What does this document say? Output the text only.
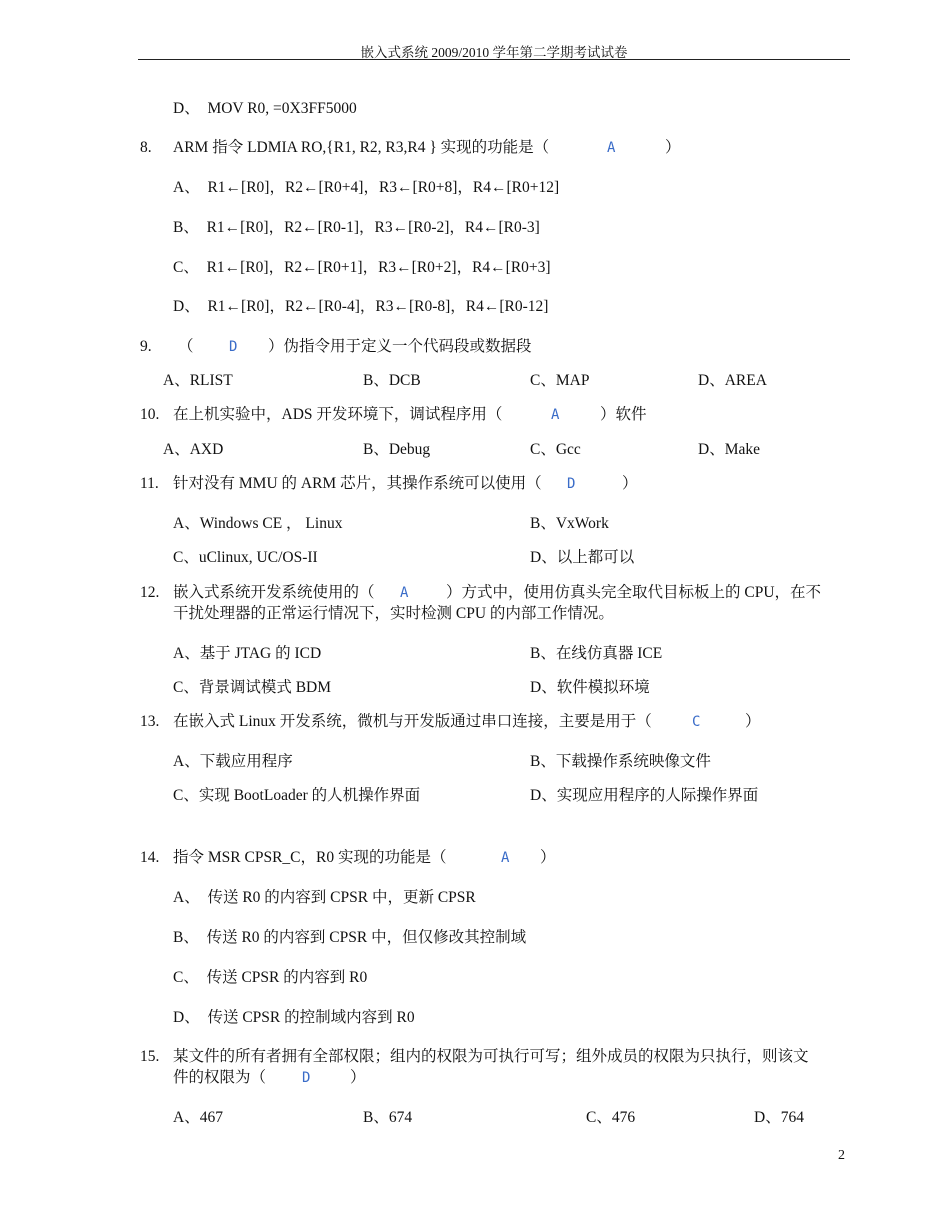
嵌入式系统 2009/2010 学年第二学期考试试卷
D、 MOV R0, =0X3FF5000
8. ARM 指令 LDMIA RO,{R1, R2, R3,R4 } 实现的功能是（	A	）
A、 R1←[R0]，R2←[R0+4]，R3←[R0+8]，R4←[R0+12]
B、 R1←[R0]，R2←[R0-1]，R3←[R0-2]，R4←[R0-3]
C、 R1←[R0]，R2←[R0+1]，R3←[R0+2]，R4←[R0+3]
D、 R1←[R0]，R2←[R0-4]，R3←[R0-8]，R4←[R0-12]
9. （	D ）伪指令用于定义一个代码段或数据段
A、RLIST	B、DCB	C、MAP	D、AREA
10. 在上机实验中，ADS 开发环境下，调试程序用（	A	）软件
A、AXD	B、Debug	C、Gcc	D、Make
11. 针对没有 MMU 的 ARM 芯片，其操作系统可以使用（ D	）
A、Windows CE ， Linux	B、VxWork
C、uClinux, UC/OS-II	D、以上都可以
12. 嵌入式系统开发系统使用的（ A ）方式中，使用仿真头完全取代目标板上的 CPU，在不
干扰处理器的正常运行情况下，实时检测 CPU 的内部工作情况。
A、基于 JTAG 的 ICD	B、在线仿真器 ICE
C、背景调试模式 BDM	D、软件模拟环境
13. 在嵌入式 Linux 开发系统，微机与开发版通过串口连接，主要是用于（	C	）
A、下载应用程序	B、下载操作系统映像文件
C、实现 BootLoader 的人机操作界面	D、实现应用程序的人际操作界面
14. 指令 MSR CPSR_C，R0 实现的功能是（	A ）
A、 传送 R0 的内容到 CPSR 中，更新 CPSR
B、 传送 R0 的内容到 CPSR 中，但仅修改其控制域
C、 传送 CPSR 的内容到 R0
D、 传送 CPSR 的控制域内容到 R0
15. 某文件的所有者拥有全部权限；组内的权限为可执行可写；组外成员的权限为只执行，则该文
件的权限为（	D	）
A、467	B、674	C、476	D、764
2
